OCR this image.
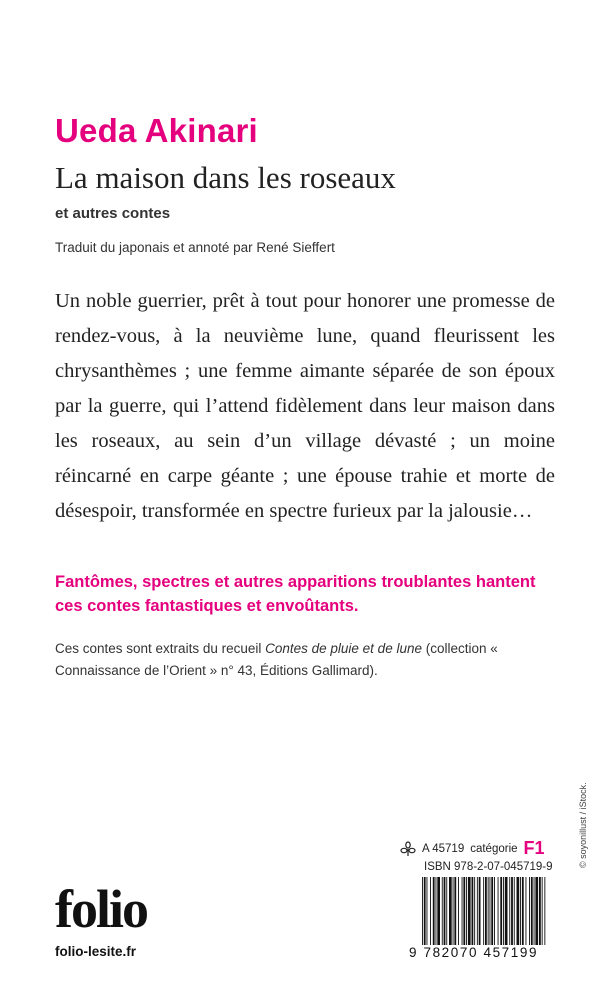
Ueda Akinari
La maison dans les roseaux
et autres contes
Traduit du japonais et annoté par René Sieffert
Un noble guerrier, prêt à tout pour honorer une promesse de rendez-vous, à la neuvième lune, quand fleurissent les chrysanthèmes ; une femme aimante séparée de son époux par la guerre, qui l’attend fidèlement dans leur maison dans les roseaux, au sein d’un village dévasté ; un moine réincarné en carpe géante ; une épouse trahie et morte de désespoir, transformée en spectre furieux par la jalousie…
Fantômes, spectres et autres apparitions troublantes hantent ces contes fantastiques et envoûtants.
Ces contes sont extraits du recueil Contes de pluie et de lune (collection « Connaissance de l’Orient » n° 43, Éditions Gallimard).
folio
folio-lesite.fr
A 45719 catégorie F1
ISBN 978-2-07-045719-9
9 782070 457199
© soyonillust / iStock.
